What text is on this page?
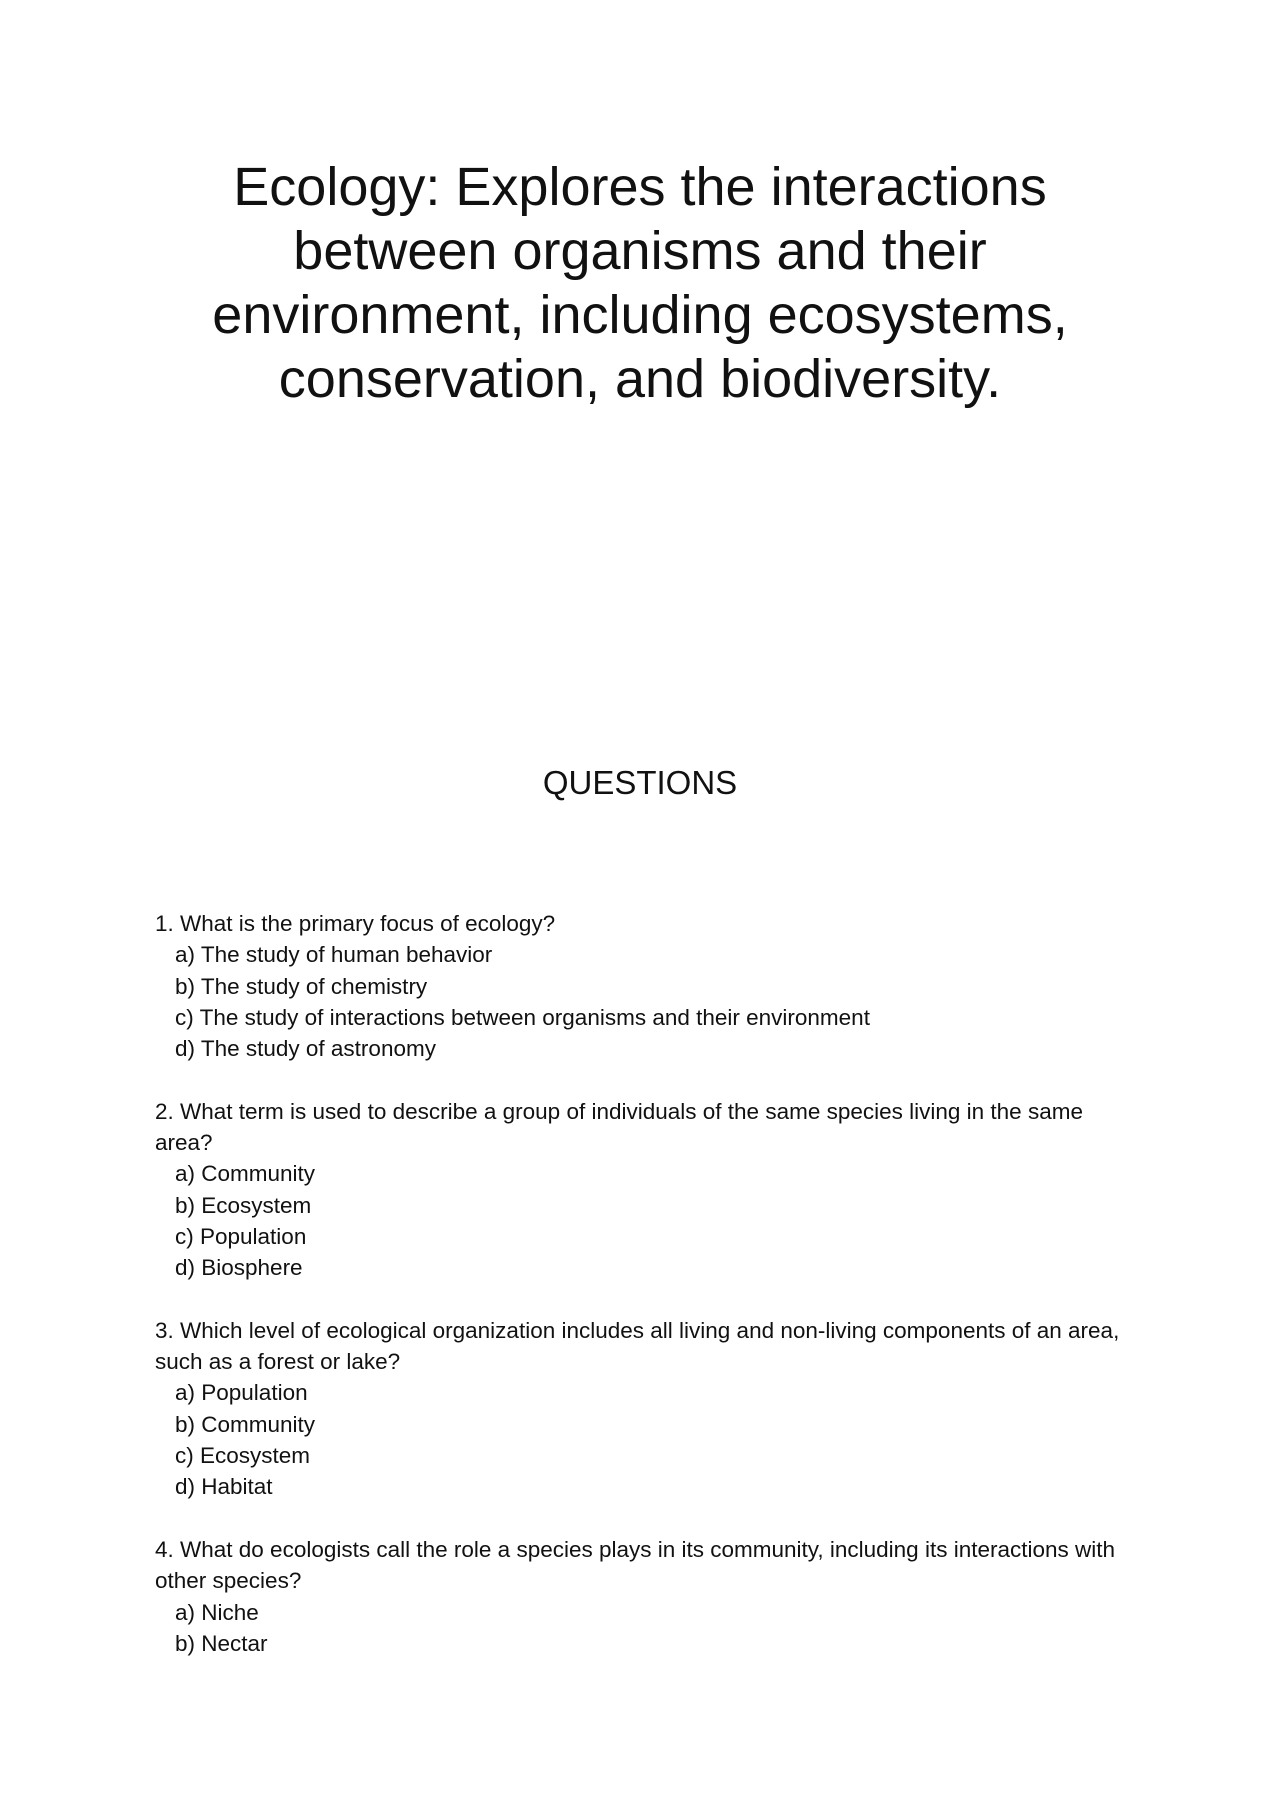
Ecology: Explores the interactions between organisms and their environment, including ecosystems, conservation, and biodiversity.
QUESTIONS
1. What is the primary focus of ecology?
a) The study of human behavior
b) The study of chemistry
c) The study of interactions between organisms and their environment
d) The study of astronomy
2. What term is used to describe a group of individuals of the same species living in the same area?
a) Community
b) Ecosystem
c) Population
d) Biosphere
3. Which level of ecological organization includes all living and non-living components of an area, such as a forest or lake?
a) Population
b) Community
c) Ecosystem
d) Habitat
4. What do ecologists call the role a species plays in its community, including its interactions with other species?
a) Niche
b) Nectar
